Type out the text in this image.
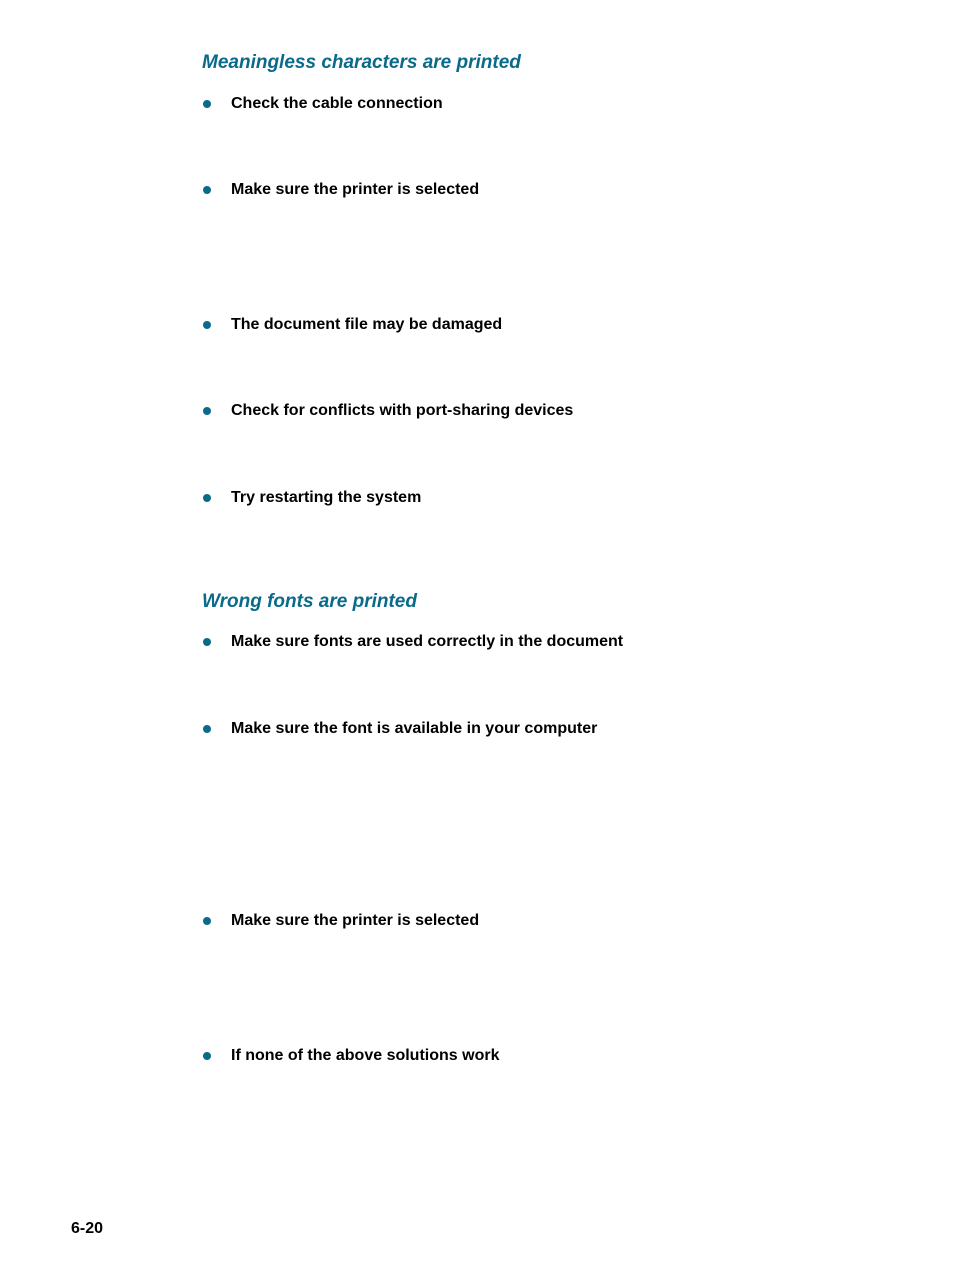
Meaningless characters are printed
Check the cable connection
Make sure the printer is selected
The document file may be damaged
Check for conflicts with port-sharing devices
Try restarting the system
Wrong fonts are printed
Make sure fonts are used correctly in the document
Make sure the font is available in your computer
Make sure the printer is selected
If none of the above solutions work
6-20
